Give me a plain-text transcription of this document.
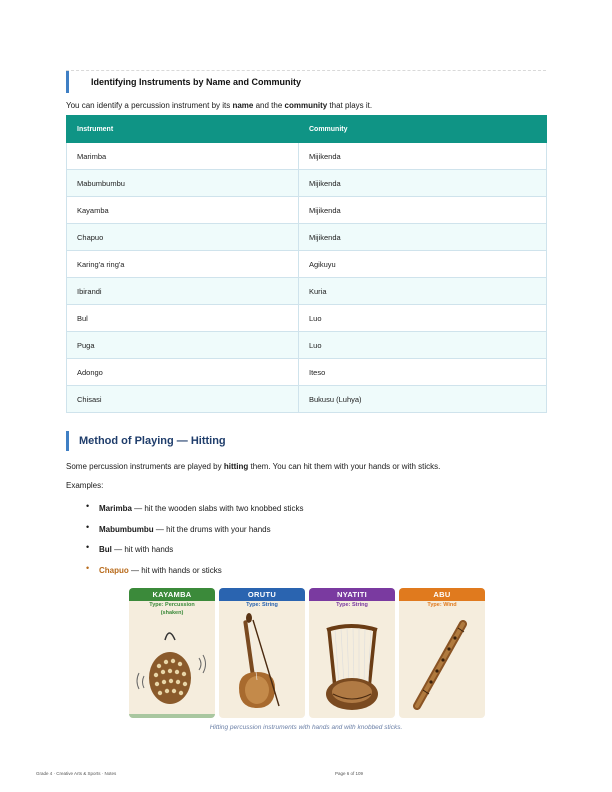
Identifying Instruments by Name and Community
You can identify a percussion instrument by its name and the community that plays it.
Instrument	Community
Marimba	Mijikenda
Mabumbumbu	Mijikenda
Kayamba	Mijikenda
Chapuo	Mijikenda
Karing'a ring'a	Agikuyu
Ibirandi	Kuria
Bul	Luo
Puga	Luo
Adongo	Iteso
Chisasi	Bukusu (Luhya)
Method of Playing — Hitting
Some percussion instruments are played by hitting them. You can hit them with your hands or with sticks.
Examples:
• Marimba — hit the wooden slabs with two knobbed sticks
• Mabumbumbu — hit the drums with your hands
• Bul — hit with hands
• Chapuo — hit with hands or sticks
KAYAMBA
Type: Percussion
(shaken)
ORUTU
Type: String
NYATITI
Type: String
ABU
Type: Wind
Hitting percussion instruments with hands and with knobbed sticks.
Grade 4 · Creative Arts & Sports · Notes	Page 6 of 109
